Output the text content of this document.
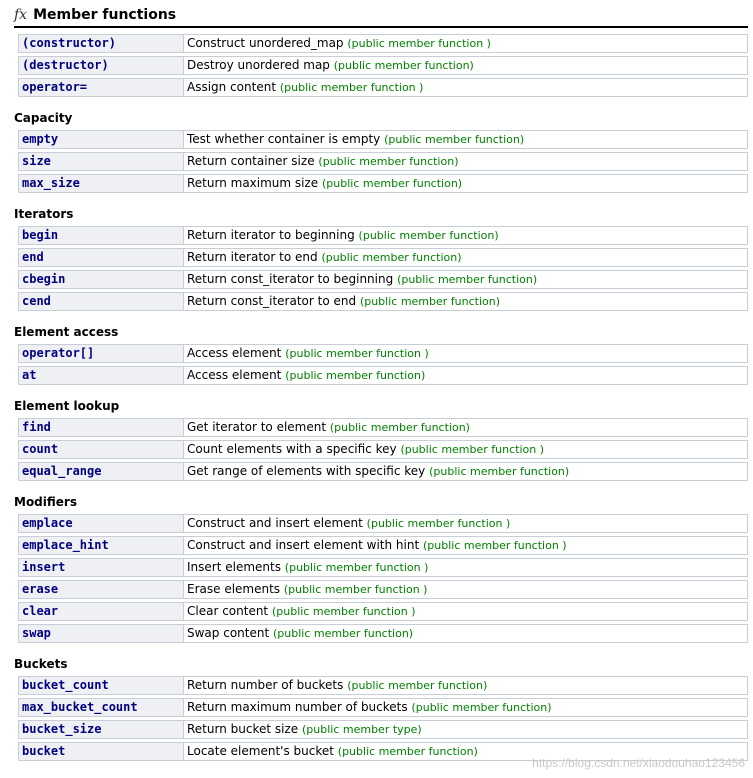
fx Member functions
(constructor)	Construct unordered_map (public member function )
(destructor)	Destroy unordered map (public member function)
operator=	Assign content (public member function )
Capacity
empty	Test whether container is empty (public member function)
size	Return container size (public member function)
max_size	Return maximum size (public member function)
Iterators
begin	Return iterator to beginning (public member function)
end	Return iterator to end (public member function)
cbegin	Return const_iterator to beginning (public member function)
cend	Return const_iterator to end (public member function)
Element access
operator[]	Access element (public member function )
at	Access element (public member function)
Element lookup
find	Get iterator to element (public member function)
count	Count elements with a specific key (public member function )
equal_range	Get range of elements with specific key (public member function)
Modifiers
emplace	Construct and insert element (public member function )
emplace_hint	Construct and insert element with hint (public member function )
insert	Insert elements (public member function )
erase	Erase elements (public member function )
clear	Clear content (public member function )
swap	Swap content (public member function)
Buckets
bucket_count	Return number of buckets (public member function)
max_bucket_count	Return maximum number of buckets (public member function)
bucket_size	Return bucket size (public member type)
bucket	Locate element's bucket (public member function)
https://blog.csdn.net/xiaodouhao123456
